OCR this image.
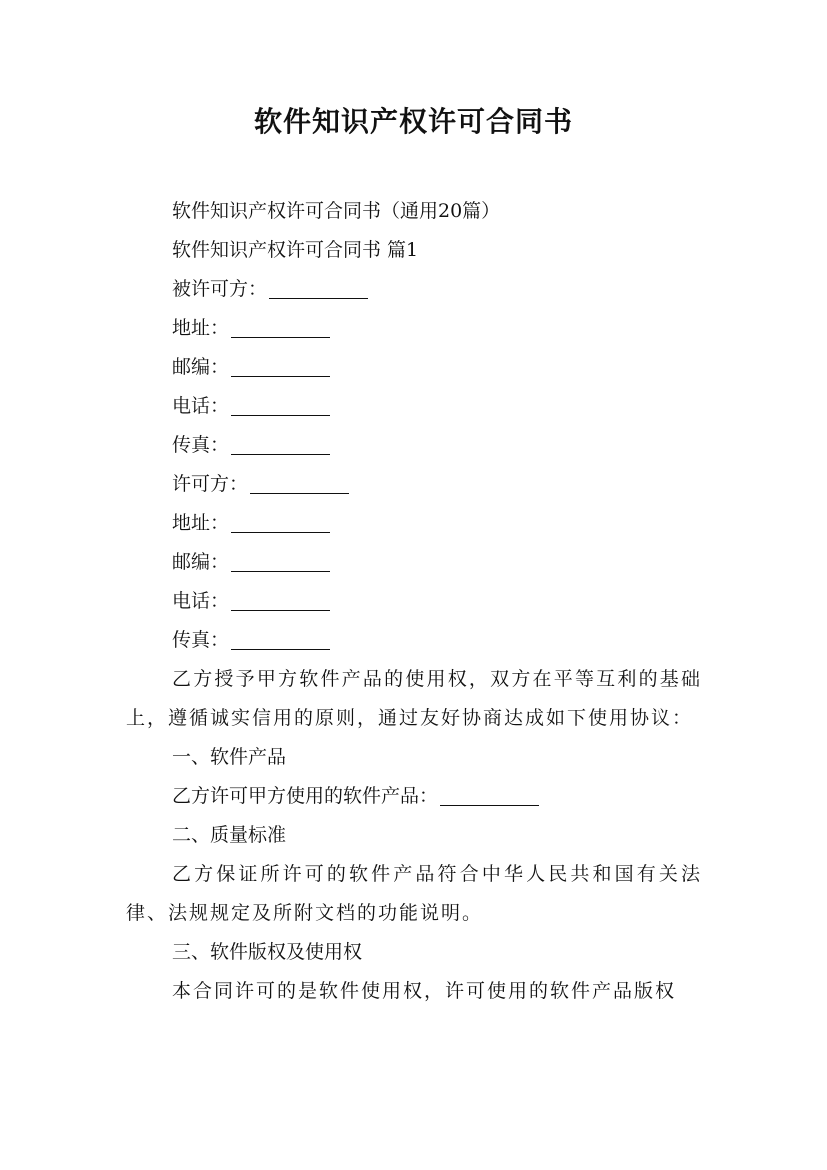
软件知识产权许可合同书
软件知识产权许可合同书（通用20篇）
软件知识产权许可合同书 篇1
被许可方：
地址：
邮编：
电话：
传真：
许可方：
地址：
邮编：
电话：
传真：
乙方授予甲方软件产品的使用权，双方在平等互利的基础上，遵循诚实信用的原则，通过友好协商达成如下使用协议：
一、软件产品
乙方许可甲方使用的软件产品：
二、质量标准
乙方保证所许可的软件产品符合中华人民共和国有关法律、法规规定及所附文档的功能说明。
三、软件版权及使用权
本合同许可的是软件使用权，许可使用的软件产品版权
